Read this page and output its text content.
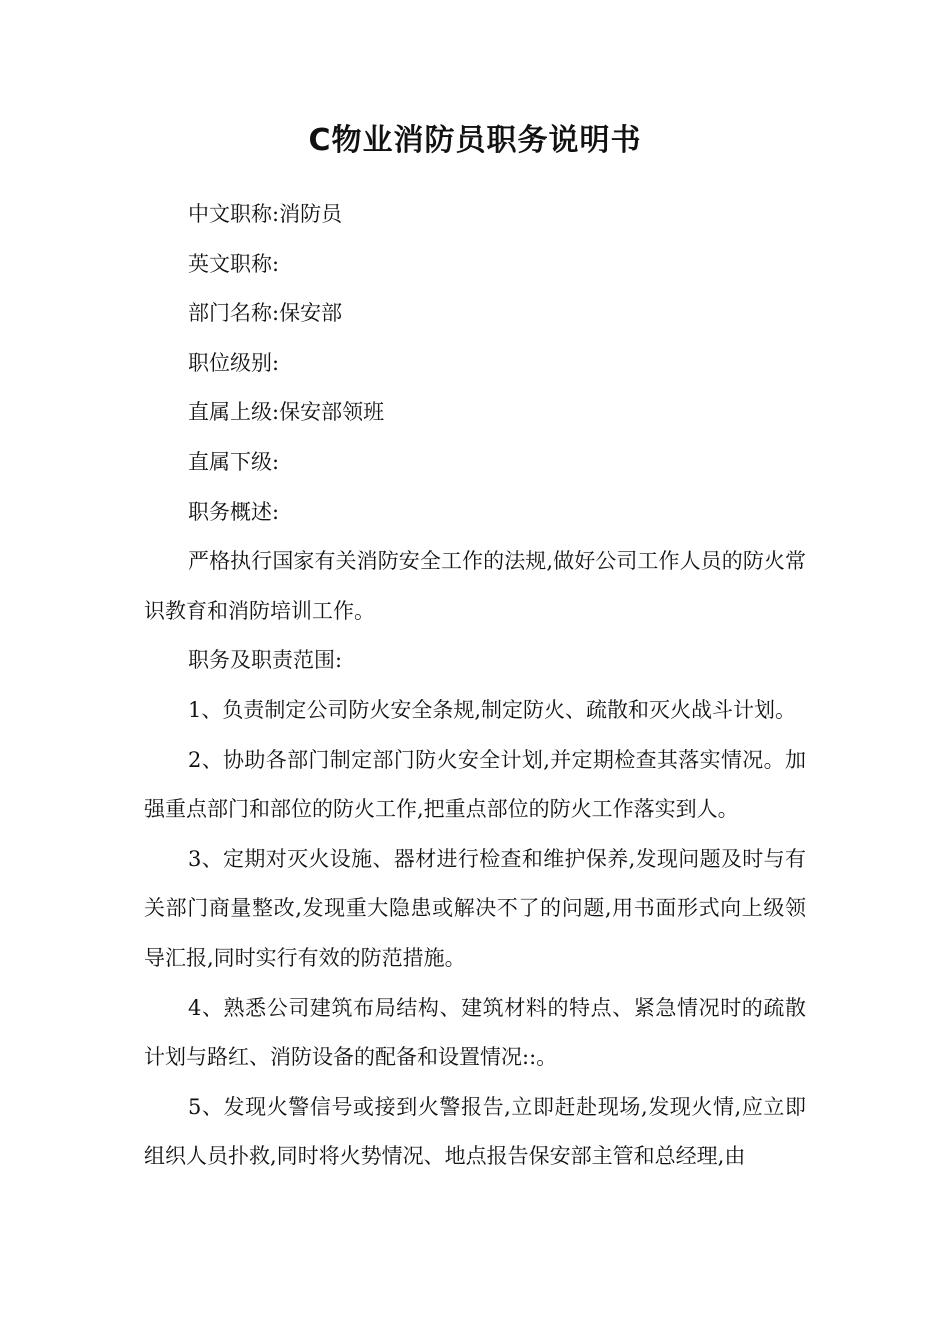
C物业消防员职务说明书

中文职称:消防员

英文职称:

部门名称:保安部

职位级别:

直属上级:保安部领班

直属下级:

职务概述:

严格执行国家有关消防安全工作的法规,做好公司工作人员的防火常识教育和消防培训工作。

职务及职责范围:

1、负责制定公司防火安全条规,制定防火、疏散和灭火战斗计划。

2、协助各部门制定部门防火安全计划,并定期检查其落实情况。加强重点部门和部位的防火工作,把重点部位的防火工作落实到人。

3、定期对灭火设施、器材进行检查和维护保养,发现问题及时与有关部门商量整改,发现重大隐患或解决不了的问题,用书面形式向上级领导汇报,同时实行有效的防范措施。

4、熟悉公司建筑布局结构、建筑材料的特点、紧急情况时的疏散计划与路红、消防设备的配备和设置情况::。

5、发现火警信号或接到火警报告,立即赶赴现场,发现火情,应立即组织人员扑救,同时将火势情况、地点报告保安部主管和总经理,由
